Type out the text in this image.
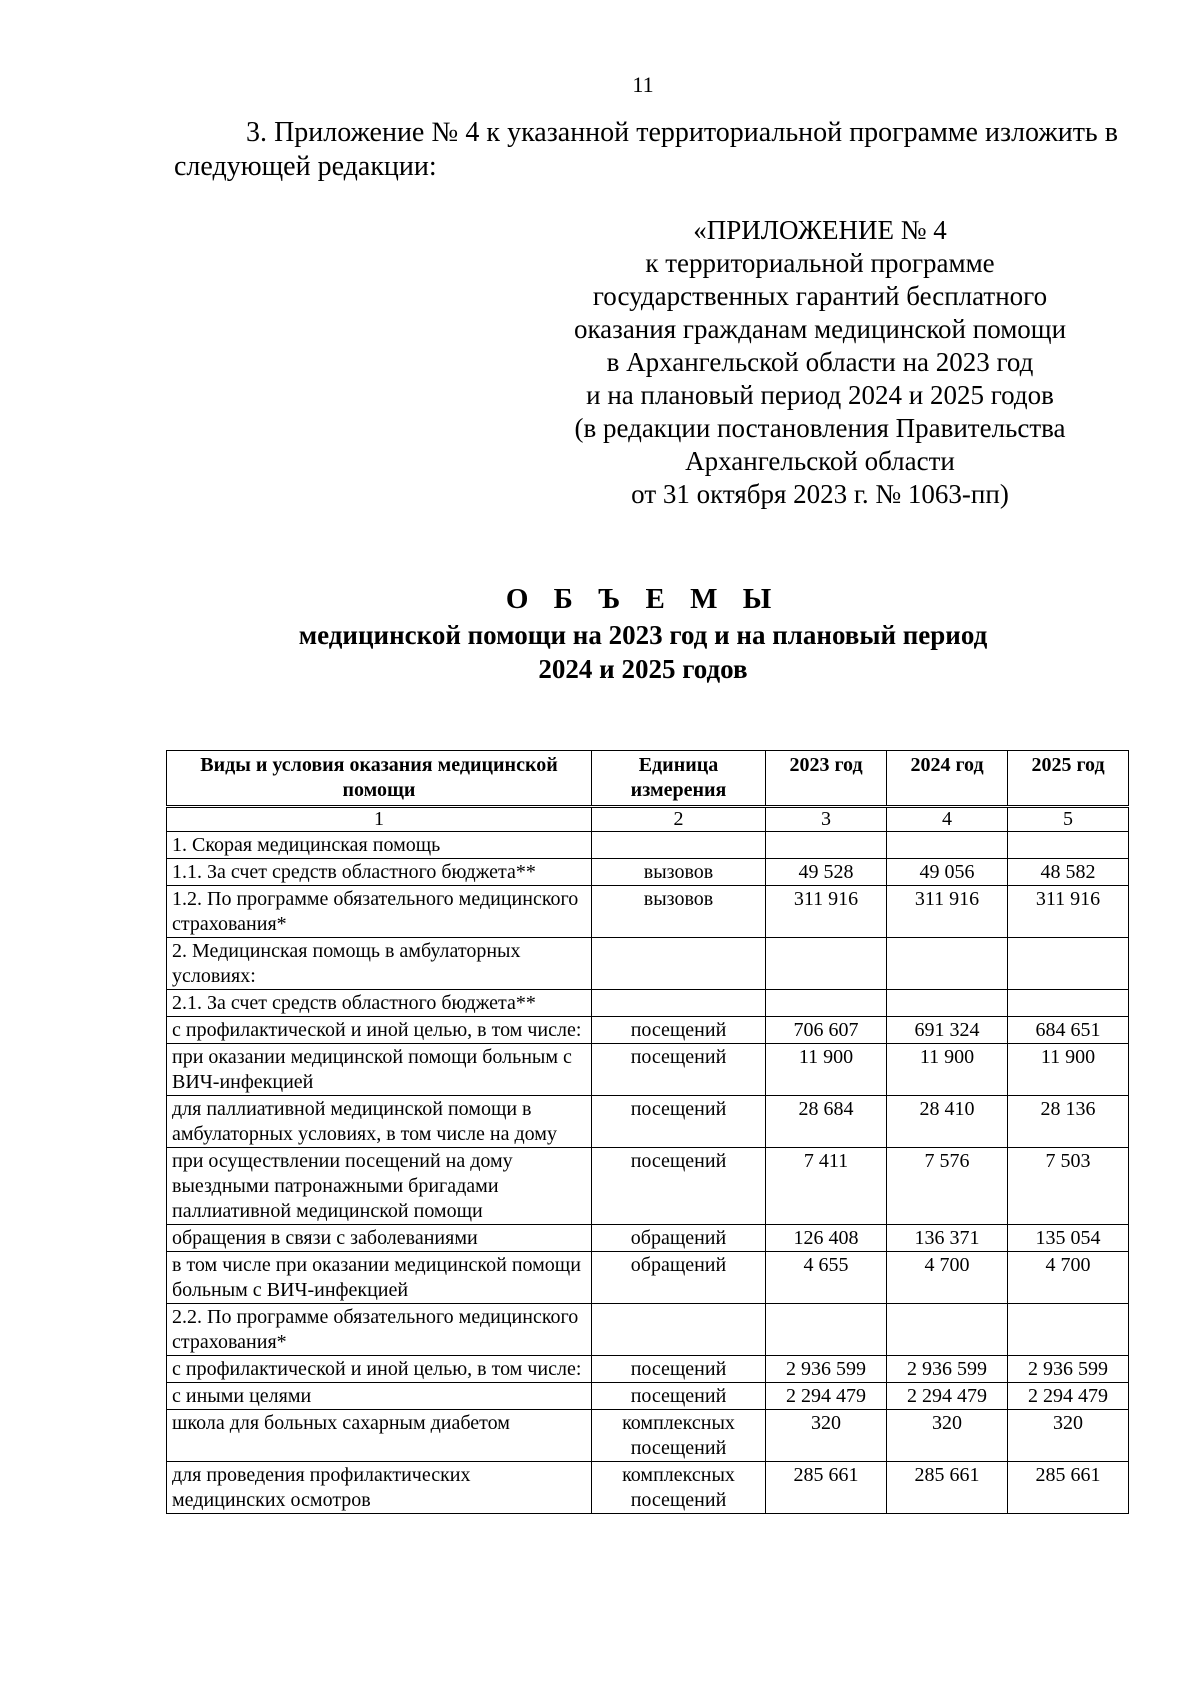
11
3. Приложение № 4 к указанной территориальной программе изложить в следующей редакции:
«ПРИЛОЖЕНИЕ № 4
к территориальной программе
государственных гарантий бесплатного
оказания гражданам медицинской помощи
в Архангельской области на 2023 год
и на плановый период 2024 и 2025 годов
(в редакции постановления Правительства
Архангельской области
от 31 октября 2023 г. № 1063-пп)
О Б Ъ Е М Ы
медицинской помощи на 2023 год и на плановый период
2024 и 2025 годов
Виды и условия оказания медицинской помощи	Единица измерения	2023 год	2024 год	2025 год
1	2	3	4	5
1. Скорая медицинская помощь				
1.1. За счет средств областного бюджета**	вызовов	49 528	49 056	48 582
1.2. По программе обязательного медицинского страхования*	вызовов	311 916	311 916	311 916
2. Медицинская помощь в амбулаторных условиях:				
2.1. За счет средств областного бюджета**				
с профилактической и иной целью, в том числе:	посещений	706 607	691 324	684 651
при оказании медицинской помощи больным с ВИЧ-инфекцией	посещений	11 900	11 900	11 900
для паллиативной медицинской помощи в амбулаторных условиях, в том числе на дому	посещений	28 684	28 410	28 136
при осуществлении посещений на дому выездными патронажными бригадами паллиативной медицинской помощи	посещений	7 411	7 576	7 503
обращения в связи с заболеваниями	обращений	126 408	136 371	135 054
в том числе при оказании медицинской помощи больным с ВИЧ-инфекцией	обращений	4 655	4 700	4 700
2.2. По программе обязательного медицинского страхования*				
с профилактической и иной целью, в том числе:	посещений	2 936 599	2 936 599	2 936 599
с иными целями	посещений	2 294 479	2 294 479	2 294 479
школа для больных сахарным диабетом	комплексных посещений	320	320	320
для проведения профилактических медицинских осмотров	комплексных посещений	285 661	285 661	285 661
